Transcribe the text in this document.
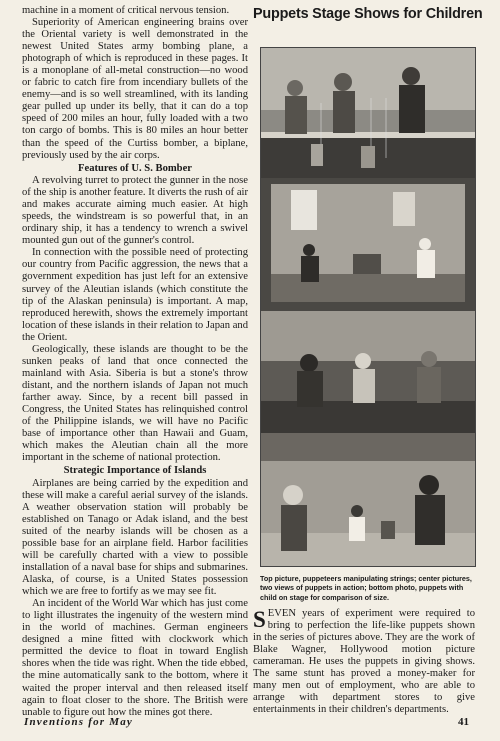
machine in a moment of critical nervous tension.

Superiority of American engineering brains over the Oriental variety is well demonstrated in the newest United States army bombing plane, a photograph of which is reproduced in these pages. It is a monoplane of all-metal construction—no wood or fabric to catch fire from incendiary bullets of the enemy—and is so well streamlined, with its landing gear pulled up under its belly, that it can do a top speed of 200 miles an hour, fully loaded with a two ton cargo of bombs. This is 80 miles an hour better than the speed of the Curtiss bomber, a biplane, previously used by the air corps.

Features of U. S. Bomber

A revolving turret to protect the gunner in the nose of the ship is another feature. It diverts the rush of air and makes accurate aiming much easier. At high speeds, the windstream is so powerful that, in an ordinary ship, it has a tendency to wrench a swivel mounted gun out of the gunner's control.

In connection with the possible need of protecting our country from Pacific aggression, the news that a government expedition has just left for an extensive survey of the Aleutian islands (which constitute the tip of the Alaskan peninsula) is important. A map, reproduced herewith, shows the extremely important location of these islands in their relation to Japan and the Orient.

Geologically, these islands are thought to be the sunken peaks of land that once connected the mainland with Asia. Siberia is but a stone's throw distant, and the northern islands of Japan not much farther away. Since, by a recent bill passed in Congress, the United States has relinquished control of the Philippine islands, we will have no Pacific base of importance other than Hawaii and Guam, which makes the Aleutian chain all the more important in the scheme of national protection.

Strategic Importance of Islands

Airplanes are being carried by the expedition and these will make a careful aerial survey of the islands. A weather observation station will probably be established on Tanago or Adak island, and the best suited of the nearby islands will be chosen as a possible base for an airplane field. Harbor facilities will be carefully charted with a view to possible installation of a naval base for ships and submarines. Alaska, of course, is a United States possession which we are free to fortify as we may see fit.

An incident of the World War which has just come to light illustrates the ingenuity of the western mind in the world of machines. German engineers designed a mine fitted with clockwork which permitted the device to float in toward English shores when the tide was right. When the tide ebbed, the mine automatically sank to the bottom, where it waited the proper interval and then released itself again to float closer to the shore. The British were unable to figure out how the mines got there.

Puppets Stage Shows for Children
Top picture, puppeteers manipulating strings; center pictures, two views of puppets in action; bottom photo, puppets with child on stage for comparison of size.

SEVEN years of experiment were required to bring to perfection the life-like puppets shown in the series of pictures above. They are the work of Blake Wagner, Hollywood motion picture cameraman. He uses the puppets in giving shows. The same stunt has proved a money-maker for many men out of employment, who are able to arrange with department stores to give entertainments in their children's departments.

Inventions for May	41
